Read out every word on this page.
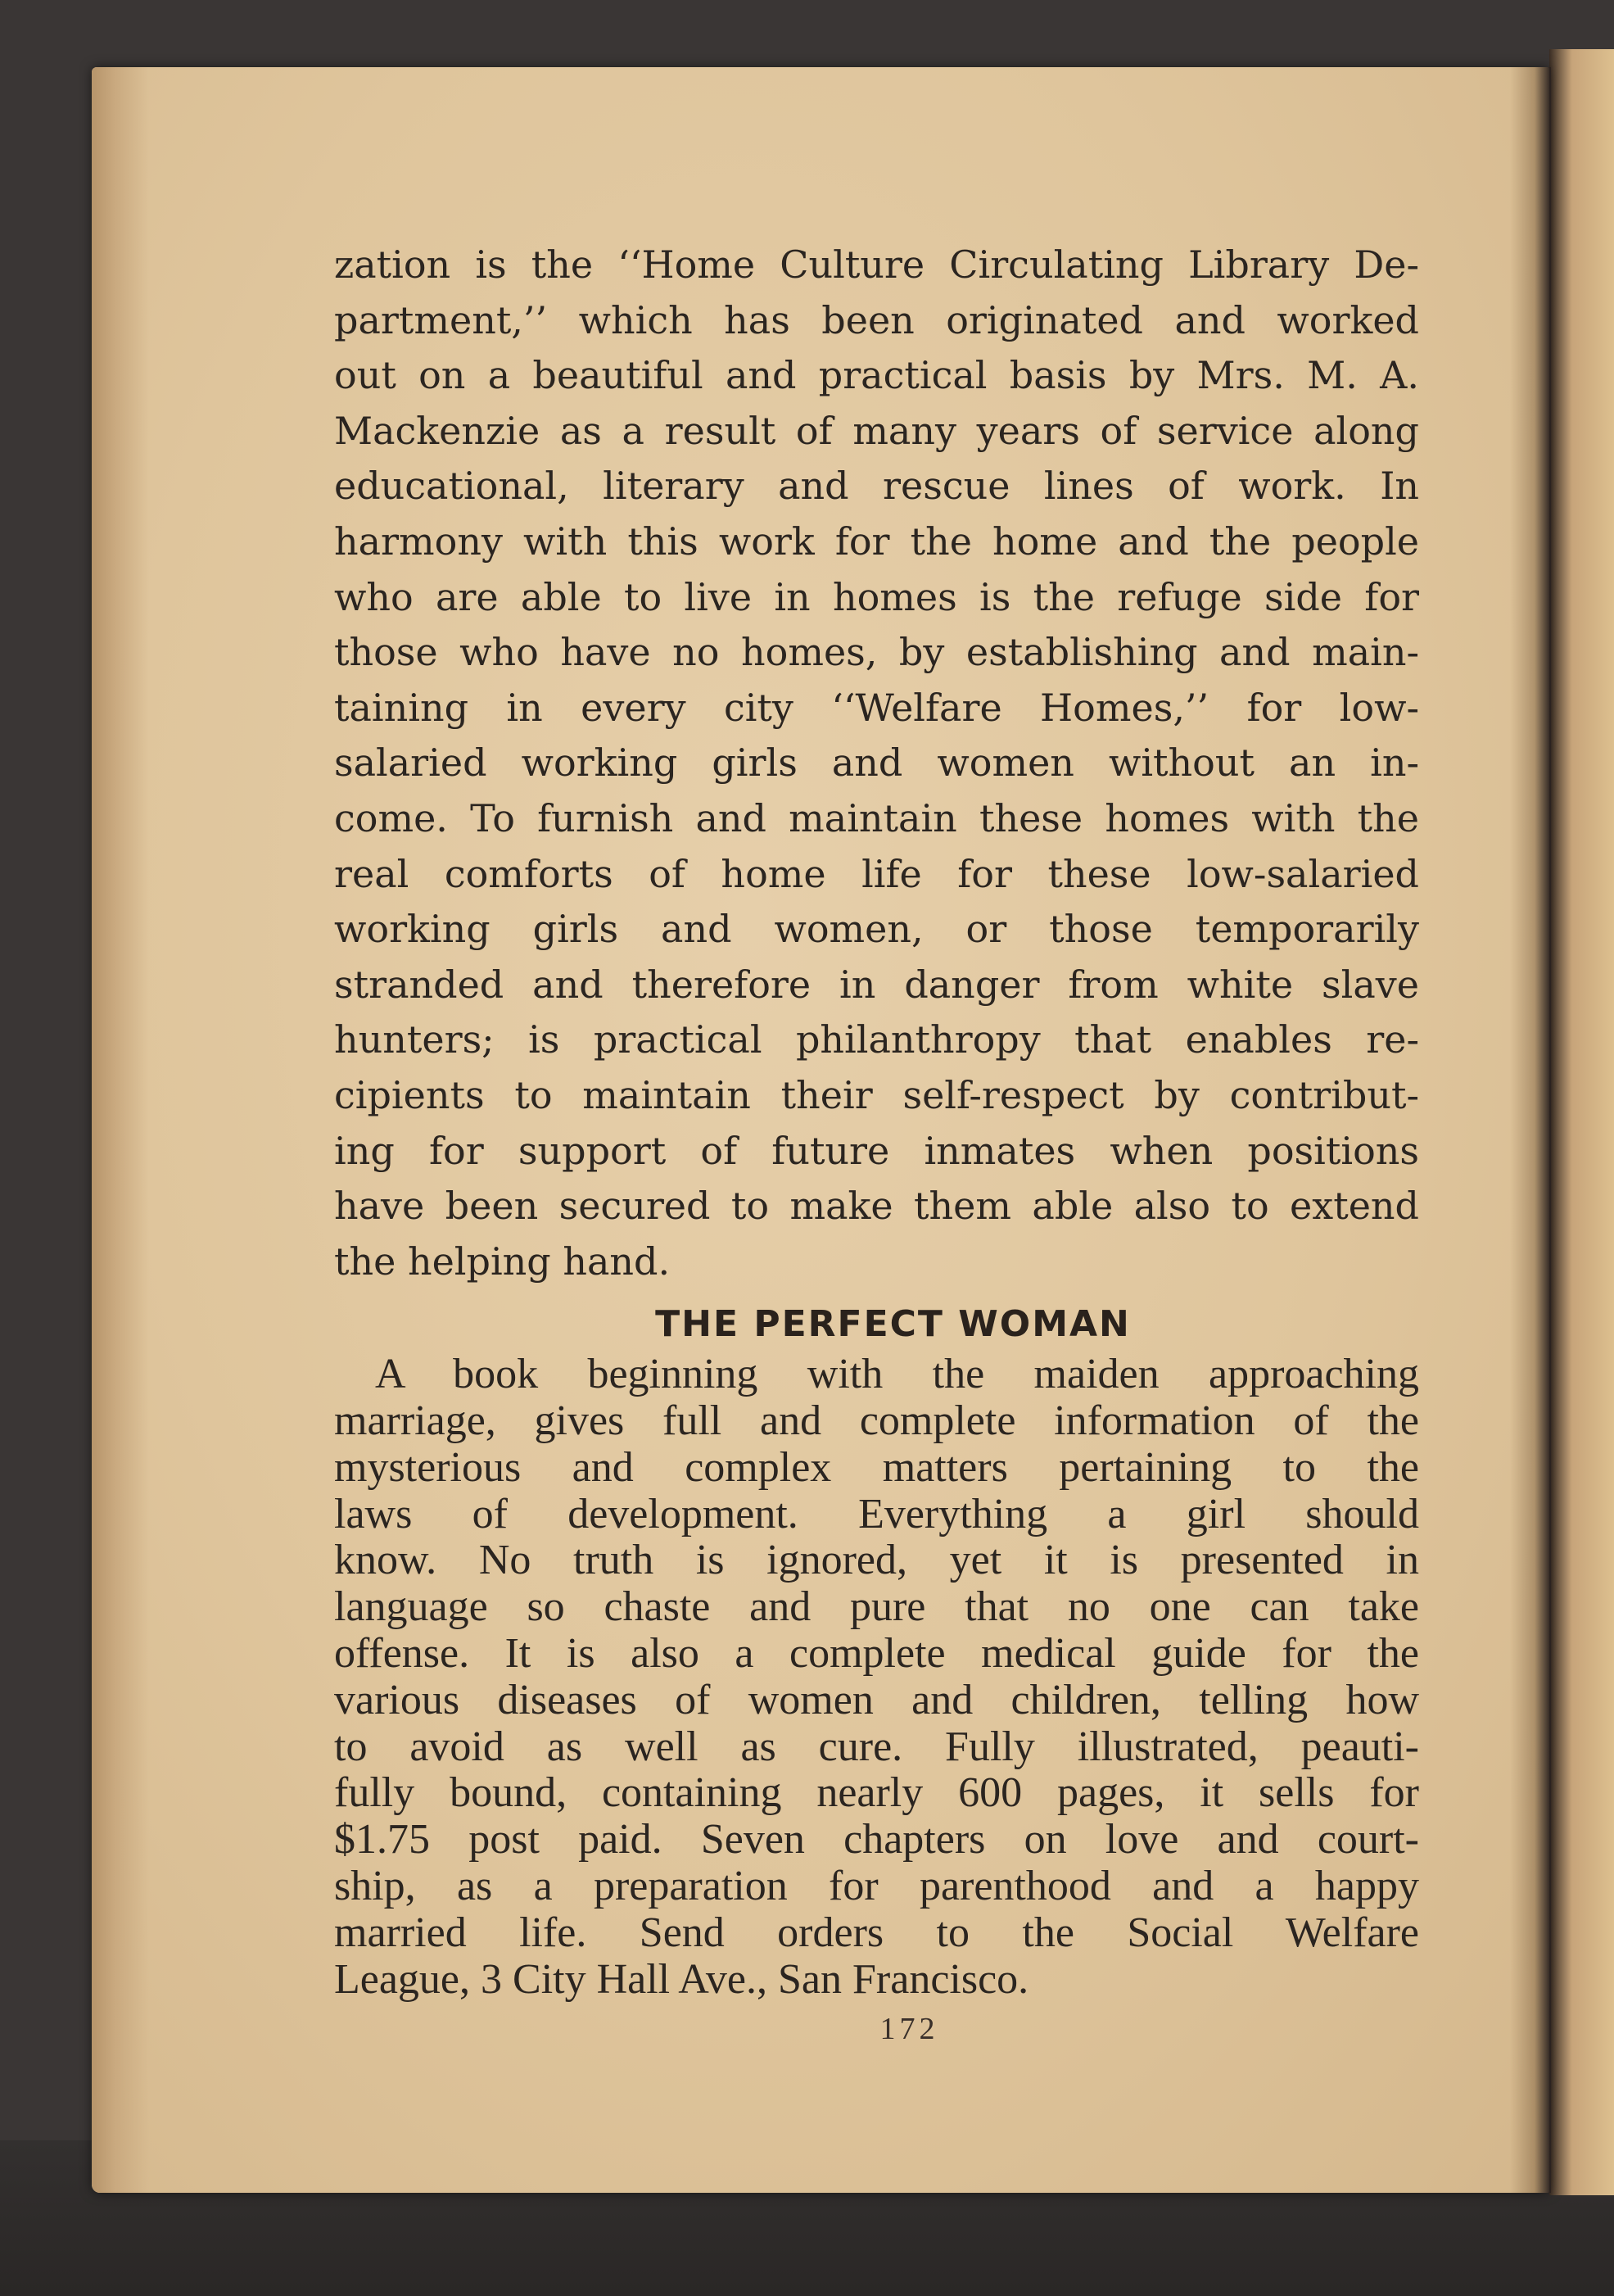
zation is the ‘‘Home Culture Circulating Library De-
partment,’’ which has been originated and worked
out on a beautiful and practical basis by Mrs. M. A.
Mackenzie as a result of many years of service along
educational, literary and rescue lines of work. In
harmony with this work for the home and the people
who are able to live in homes is the refuge side for
those who have no homes, by establishing and main-
taining in every city ‘‘Welfare Homes,’’ for low-
salaried working girls and women without an in-
come. To furnish and maintain these homes with the
real comforts of home life for these low-salaried
working girls and women, or those temporarily
stranded and therefore in danger from white slave
hunters; is practical philanthropy that enables re-
cipients to maintain their self-respect by contribut-
ing for support of future inmates when positions
have been secured to make them able also to extend
the helping hand.
THE PERFECT WOMAN
A book beginning with the maiden approaching
marriage, gives full and complete information of the
mysterious and complex matters pertaining to the
laws of development. Everything a girl should
know. No truth is ignored, yet it is presented in
language so chaste and pure that no one can take
offense. It is also a complete medical guide for the
various diseases of women and children, telling how
to avoid as well as cure. Fully illustrated, peauti-
fully bound, containing nearly 600 pages, it sells for
$1.75 post paid. Seven chapters on love and court-
ship, as a preparation for parenthood and a happy
married life. Send orders to the Social Welfare
League, 3 City Hall Ave., San Francisco.
172
